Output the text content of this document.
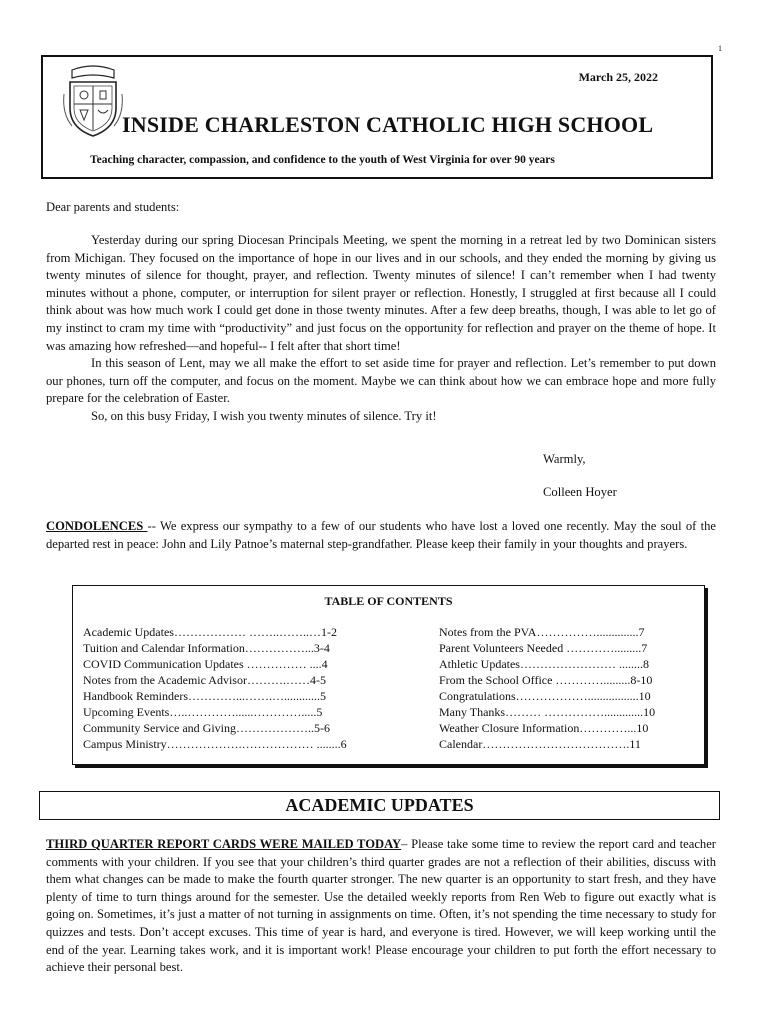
1
March 25, 2022
INSIDE CHARLESTON CATHOLIC HIGH SCHOOL
Teaching character, compassion, and confidence to the youth of West Virginia for over 90 years
Dear parents and students:

Yesterday during our spring Diocesan Principals Meeting, we spent the morning in a retreat led by two Dominican sisters from Michigan. They focused on the importance of hope in our lives and in our schools, and they ended the morning by giving us twenty minutes of silence for thought, prayer, and reflection. Twenty minutes of silence! I can’t remember when I had twenty minutes without a phone, computer, or interruption for silent prayer or reflection. Honestly, I struggled at first because all I could think about was how much work I could get done in those twenty minutes. After a few deep breaths, though, I was able to let go of my instinct to cram my time with “productivity” and just focus on the opportunity for reflection and prayer on the theme of hope. It was amazing how refreshed—and hopeful-- I felt after that short time!

In this season of Lent, may we all make the effort to set aside time for prayer and reflection. Let’s remember to put down our phones, turn off the computer, and focus on the moment. Maybe we can think about how we can embrace hope and more fully prepare for the celebration of Easter.

So, on this busy Friday, I wish you twenty minutes of silence. Try it!

Warmly,
Colleen Hoyer
CONDOLENCES -- We express our sympathy to a few of our students who have lost a loved one recently. May the soul of the departed rest in peace: John and Lily Patnoe’s maternal step-grandfather. Please keep their family in your thoughts and prayers.
TABLE OF CONTENTS
Academic Updates……………… ……..……..…1-2
Tuition and Calendar Information……………...3-4
COVID Communication Updates …………… ....4
Notes from the Academic Advisor……….……4-5
Handbook Reminders…………...…….…............5
Upcoming Events…..…………......………….....5
Community Service and Giving………………..5-6
Campus Ministry……………….……………… ........6
Notes from the PVA……………..............7
Parent Volunteers Needed ………….........7
Athletic Updates…………………… ........8
From the School Office ………….........8-10
Congratulations……………….................10
Many Thanks……… …………….............10
Weather Closure Information…………...10
Calendar……………………………….11
ACADEMIC UPDATES
THIRD QUARTER REPORT CARDS WERE MAILED TODAY– Please take some time to review the report card and teacher comments with your children. If you see that your children’s third quarter grades are not a reflection of their abilities, discuss with them what changes can be made to make the fourth quarter stronger. The new quarter is an opportunity to start fresh, and they have plenty of time to turn things around for the semester. Use the detailed weekly reports from Ren Web to figure out exactly what is going on. Sometimes, it’s just a matter of not turning in assignments on time. Often, it’s not spending the time necessary to study for quizzes and tests. Don’t accept excuses. This time of year is hard, and everyone is tired. However, we will keep working until the end of the year. Learning takes work, and it is important work! Please encourage your children to put forth the effort necessary to achieve their personal best.
